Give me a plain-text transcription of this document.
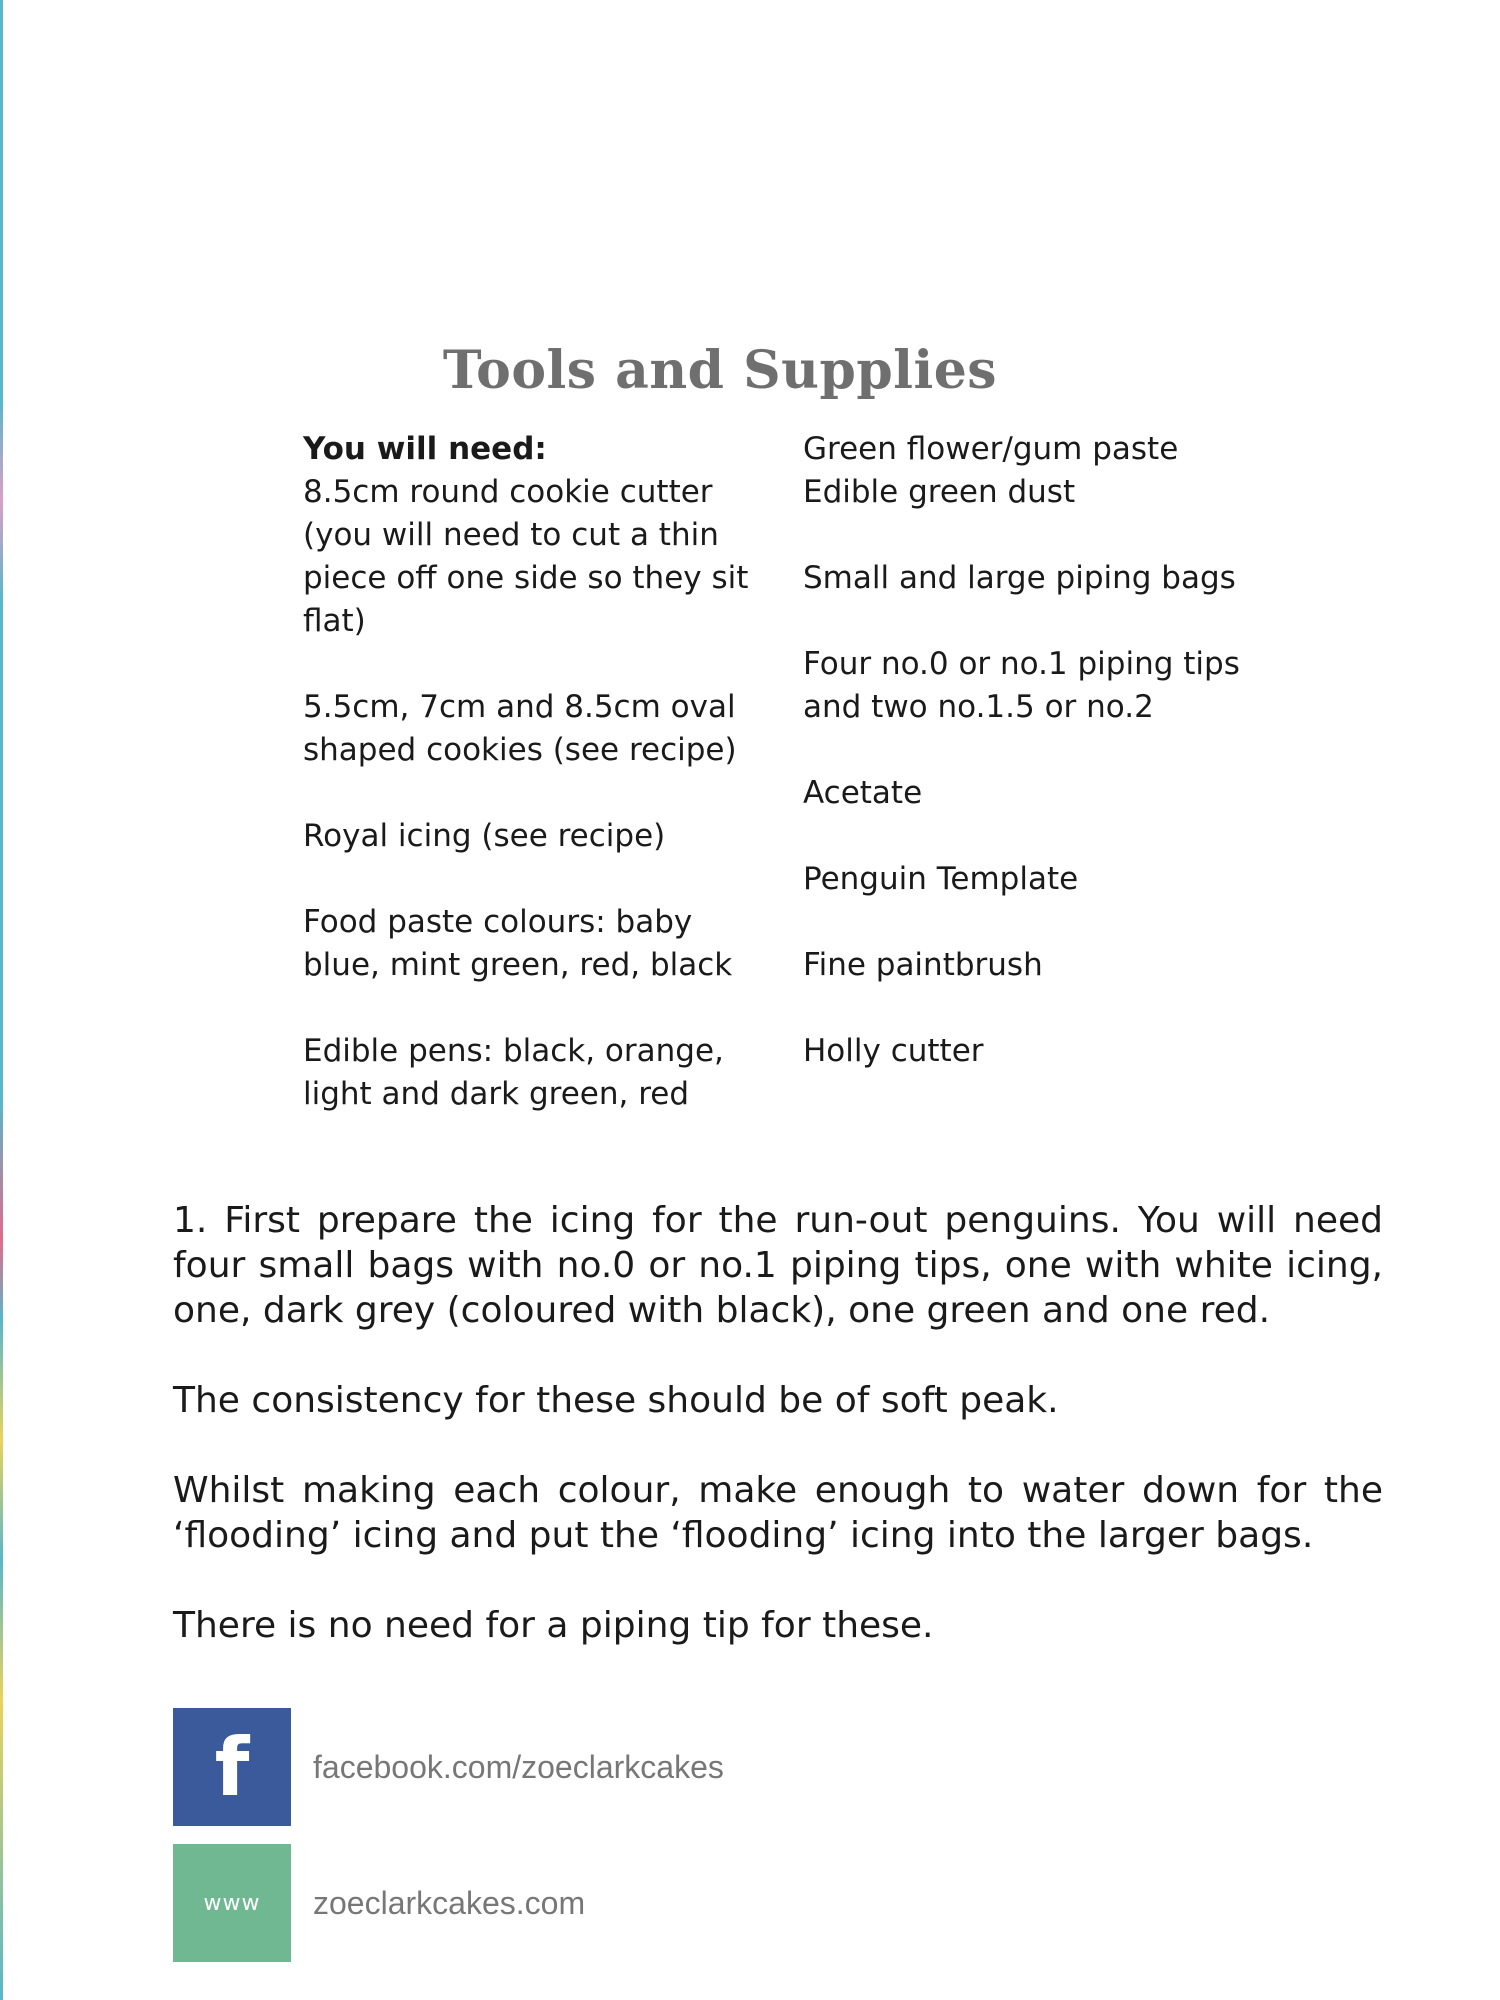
Tools and Supplies

You will need:
8.5cm round cookie cutter (you will need to cut a thin piece off one side so they sit flat)

5.5cm, 7cm and 8.5cm oval shaped cookies (see recipe)

Royal icing (see recipe)

Food paste colours: baby blue, mint green, red, black

Edible pens: black, orange, light and dark green, red

Green flower/gum paste

Edible green dust

Small and large piping bags

Four no.0 or no.1 piping tips and two no.1.5 or no.2

Acetate

Penguin Template

Fine paintbrush

Holly cutter

1. First prepare the icing for the run-out penguins. You will need four small bags with no.0 or no.1 piping tips, one with white icing, one, dark grey (coloured with black), one green and one red.

The consistency for these should be of soft peak.

Whilst making each colour, make enough to water down for the ‘flooding’ icing and put the ‘flooding’ icing into the larger bags.

There is no need for a piping tip for these.

f facebook.com/zoeclarkcakes
www zoeclarkcakes.com
